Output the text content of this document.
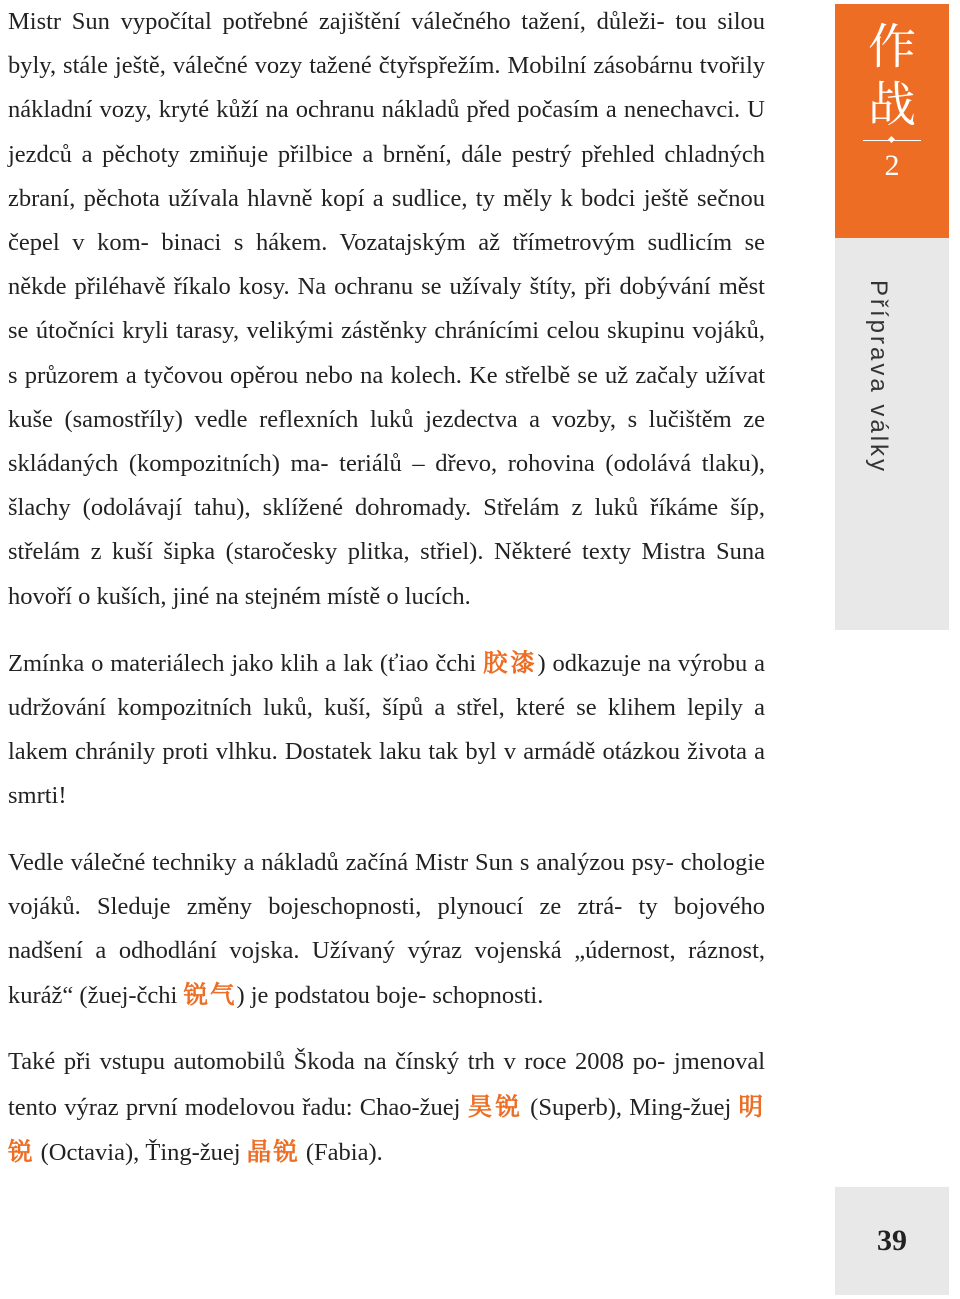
Mistr Sun vypočítal potřebné zajištění válečného tažení, důleži- tou silou byly, stále ještě, válečné vozy tažené čtyřspřežím. Mobilní zásobárnu tvořily nákladní vozy, kryté kůží na ochranu nákladů před počasím a nenechavci. U jezdců a pěchoty zmiňuje přilbice a brnění, dále pestrý přehled chladných zbraní, pěchota užívala hlavně kopí a sudlice, ty měly k bodci ještě sečnou čepel v kom- binaci s hákem. Vozatajským až třímetrovým sudlicím se někde přiléhavě říkalo kosy. Na ochranu se užívaly štíty, při dobývání měst se útočníci kryli tarasy, velikými zástěnky chránícími celou skupinu vojáků, s průzorem a tyčovou opěrou nebo na kolech. Ke střelbě se už začaly užívat kuše (samostříly) vedle reflexních luků jezdectva a vozby, s lučištěm ze skládaných (kompozitních) ma- teriálů – dřevo, rohovina (odolává tlaku), šlachy (odolávají tahu), sklížené dohromady. Střelám z luků říkáme šíp, střelám z kuší šipka (staročesky plitka, střiel). Některé texty Mistra Suna hovoří o kuších, jiné na stejném místě o lucích.

Zmínka o materiálech jako klih a lak (ťiao čchi 胶漆) odkazuje na výrobu a udržování kompozitních luků, kuší, šípů a střel, které se klihem lepily a lakem chránily proti vlhku. Dostatek laku tak byl v armádě otázkou života a smrti!

Vedle válečné techniky a nákladů začíná Mistr Sun s analýzou psy- chologie vojáků. Sleduje změny bojeschopnosti, plynoucí ze ztrá- ty bojového nadšení a odhodlání vojska. Užívaný výraz vojenská „údernost, ráznost, kuráž“ (žuej-čchi 锐气) je podstatou boje- schopnosti.

Také při vstupu automobilů Škoda na čínský trh v roce 2008 po- jmenoval tento výraz první modelovou řadu: Chao-žuej 昊锐 (Superb), Ming-žuej 明锐 (Octavia), Ťing-žuej 晶锐 (Fabia).

作
战
2
Příprava války
39
